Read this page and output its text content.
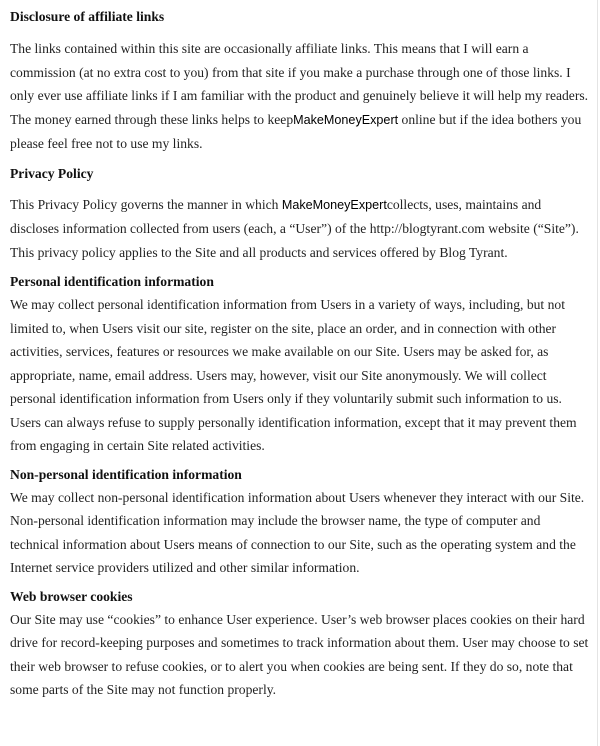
Disclosure of affiliate links

The links contained within this site are occasionally affiliate links. This means that I will earn a commission (at no extra cost to you) from that site if you make a purchase through one of those links. I only ever use affiliate links if I am familiar with the product and genuinely believe it will help my readers. The money earned through these links helps to keepMakeMoneyExpert online but if the idea bothers you please feel free not to use my links.

Privacy Policy

This Privacy Policy governs the manner in which MakeMoneyExpertcollects, uses, maintains and discloses information collected from users (each, a “User”) of the http://blogtyrant.com website (“Site”). This privacy policy applies to the Site and all products and services offered by Blog Tyrant.

Personal identification information

We may collect personal identification information from Users in a variety of ways, including, but not limited to, when Users visit our site, register on the site, place an order, and in connection with other activities, services, features or resources we make available on our Site. Users may be asked for, as appropriate, name, email address. Users may, however, visit our Site anonymously. We will collect personal identification information from Users only if they voluntarily submit such information to us. Users can always refuse to supply personally identification information, except that it may prevent them from engaging in certain Site related activities.

Non-personal identification information

We may collect non-personal identification information about Users whenever they interact with our Site. Non-personal identification information may include the browser name, the type of computer and technical information about Users means of connection to our Site, such as the operating system and the Internet service providers utilized and other similar information.

Web browser cookies

Our Site may use “cookies” to enhance User experience. User’s web browser places cookies on their hard drive for record-keeping purposes and sometimes to track information about them. User may choose to set their web browser to refuse cookies, or to alert you when cookies are being sent. If they do so, note that some parts of the Site may not function properly.
